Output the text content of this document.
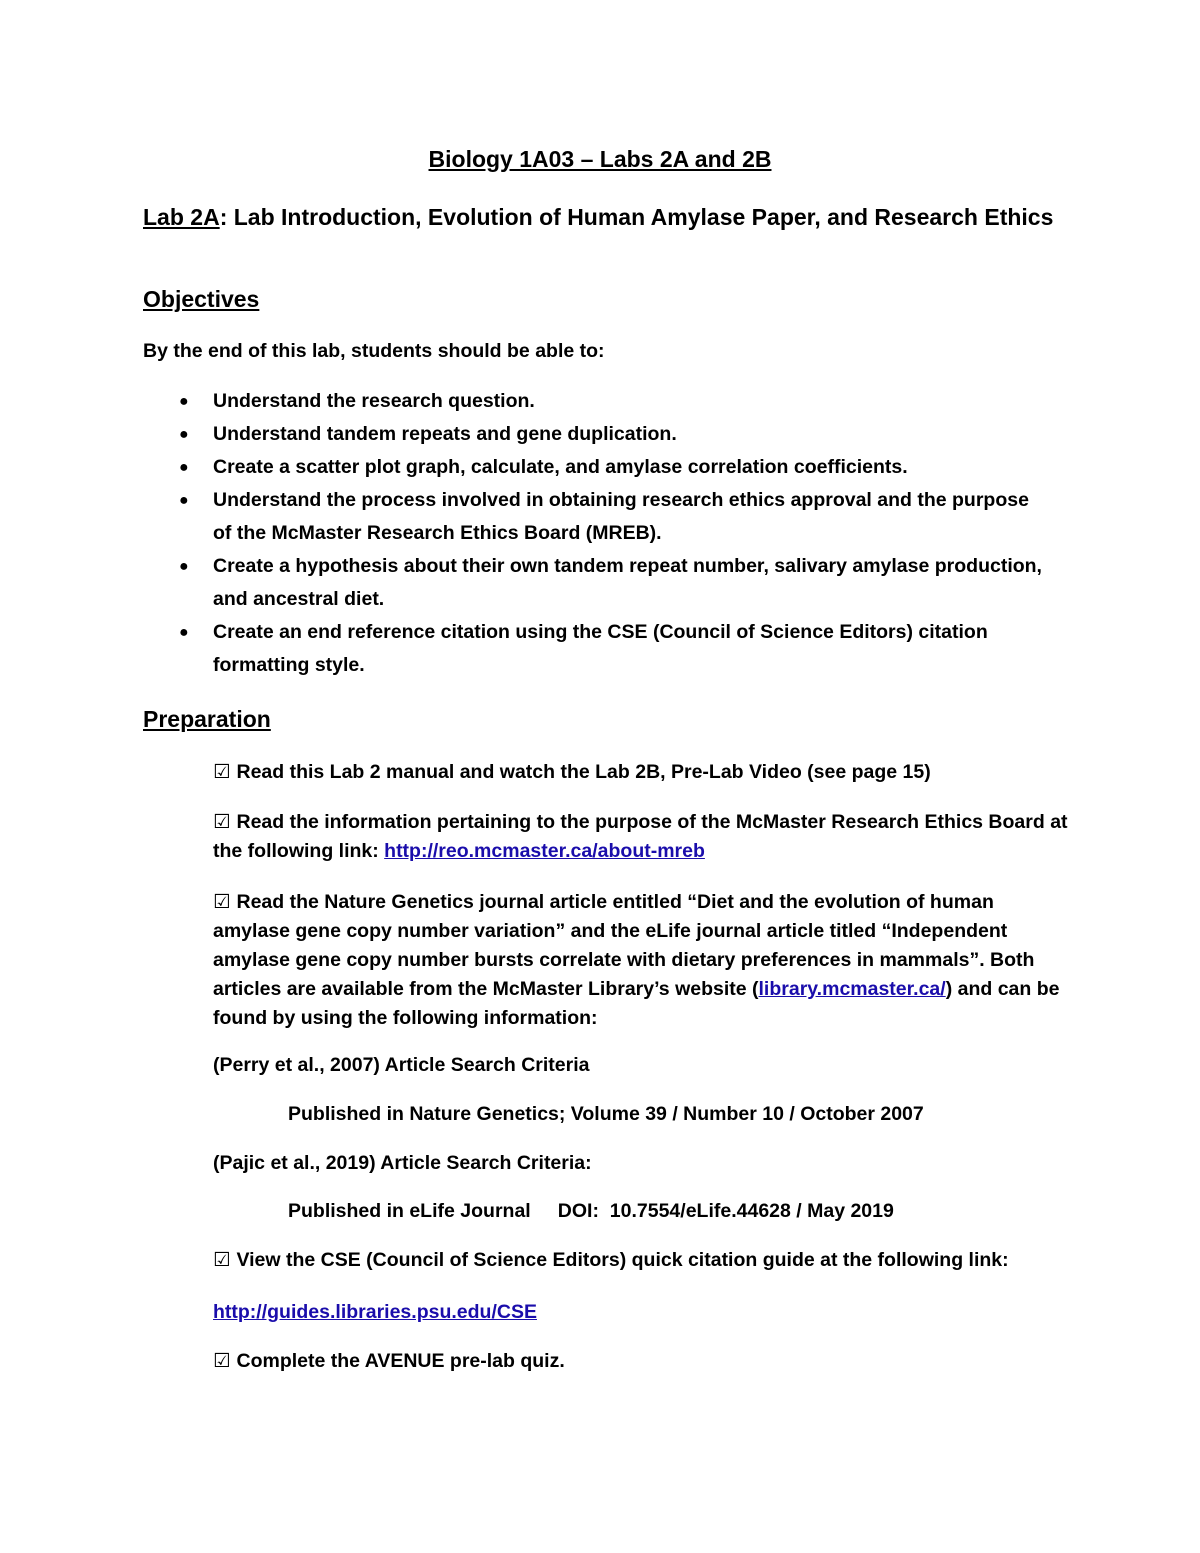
Biology 1A03 – Labs 2A and 2B
Lab 2A: Lab Introduction, Evolution of Human Amylase Paper, and Research Ethics
Objectives
By the end of this lab, students should be able to:
● Understand the research question.
● Understand tandem repeats and gene duplication.
● Create a scatter plot graph, calculate, and amylase correlation coefficients.
● Understand the process involved in obtaining research ethics approval and the purpose of the McMaster Research Ethics Board (MREB).
● Create a hypothesis about their own tandem repeat number, salivary amylase production, and ancestral diet.
● Create an end reference citation using the CSE (Council of Science Editors) citation formatting style.
Preparation
☑ Read this Lab 2 manual and watch the Lab 2B, Pre-Lab Video (see page 15)
☑ Read the information pertaining to the purpose of the McMaster Research Ethics Board at the following link: http://reo.mcmaster.ca/about-mreb
☑ Read the Nature Genetics journal article entitled “Diet and the evolution of human amylase gene copy number variation” and the eLife journal article titled “Independent amylase gene copy number bursts correlate with dietary preferences in mammals”. Both articles are available from the McMaster Library’s website (library.mcmaster.ca/) and can be found by using the following information:
(Perry et al., 2007) Article Search Criteria
Published in Nature Genetics; Volume 39 / Number 10 / October 2007
(Pajic et al., 2019) Article Search Criteria:
Published in eLife Journal     DOI:  10.7554/eLife.44628 / May 2019
☑ View the CSE (Council of Science Editors) quick citation guide at the following link:
http://guides.libraries.psu.edu/CSE
☑ Complete the AVENUE pre-lab quiz.
